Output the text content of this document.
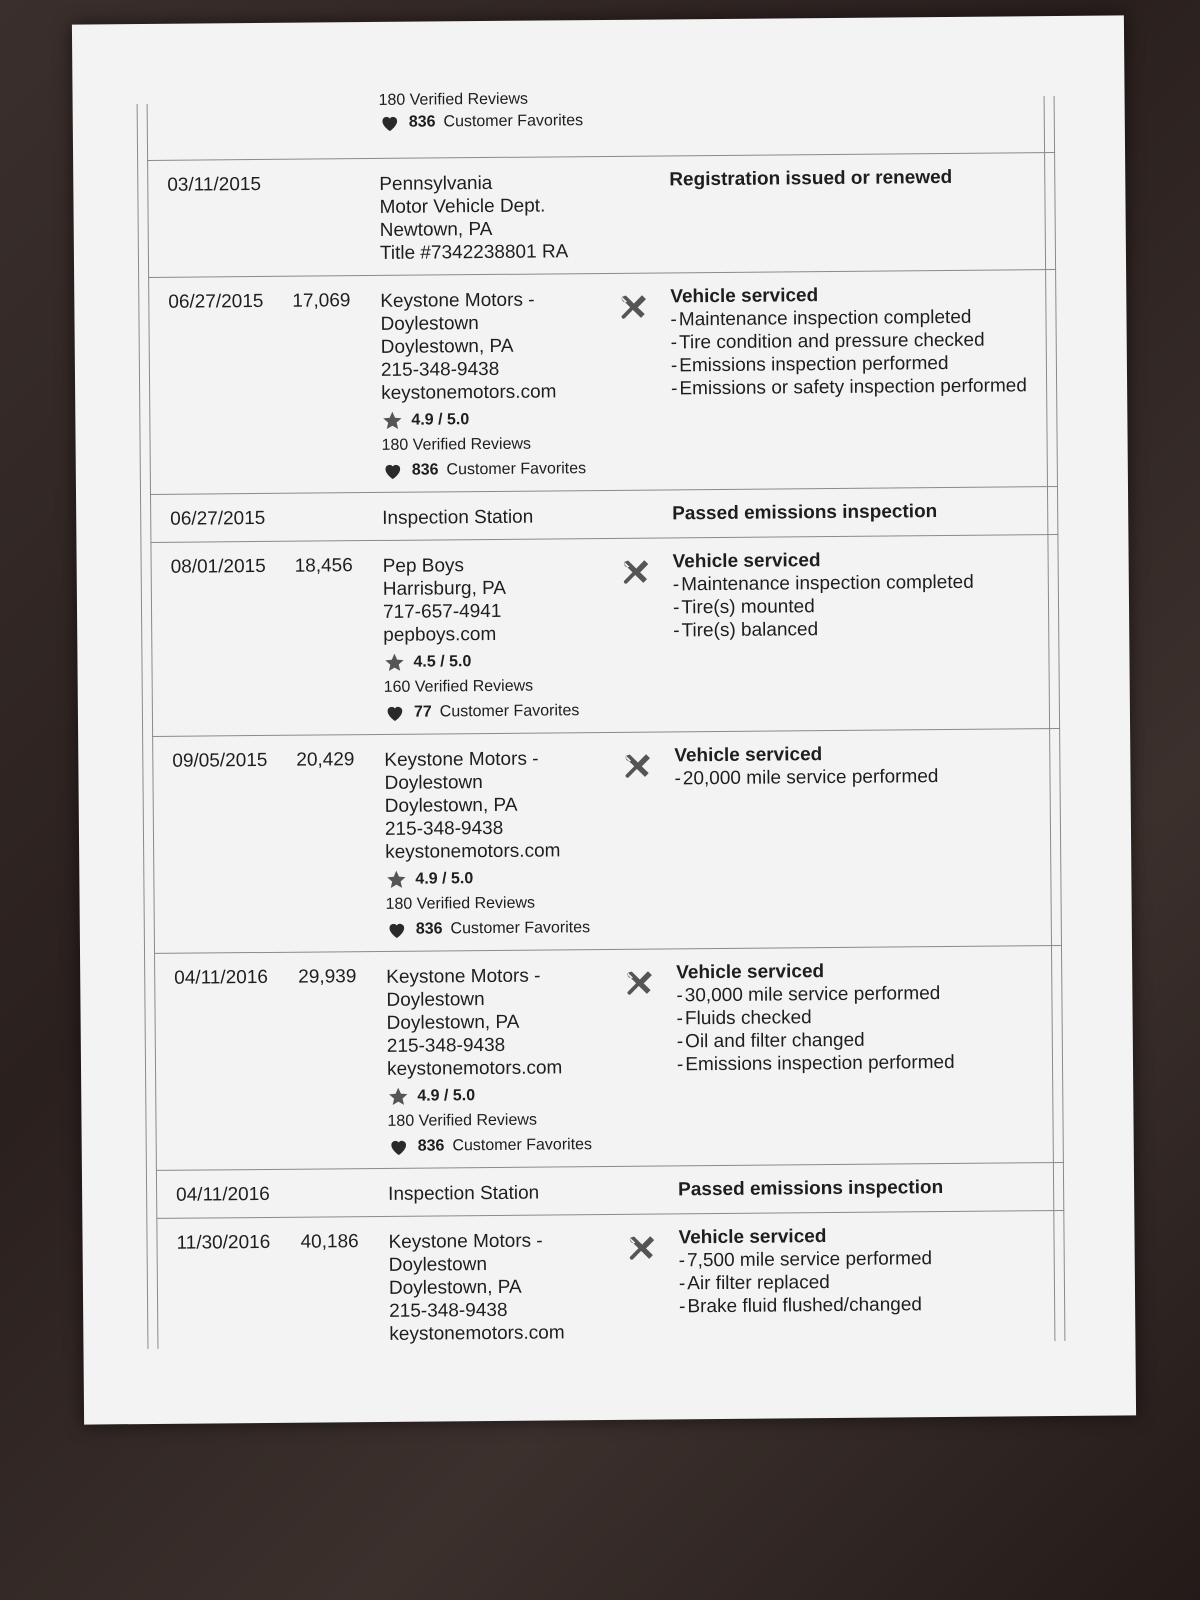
180 Verified Reviews
836 Customer Favorites
03/11/2015	Pennsylvania
Motor Vehicle Dept.
Newtown, PA
Title #7342238801 RA
Registration issued or renewed
06/27/2015 17,069 Keystone Motors -
Doylestown
Doylestown, PA
215-348-9438
keystonemotors.com
4.9 / 5.0
180 Verified Reviews
836 Customer Favorites
Vehicle serviced
- Maintenance inspection completed
- Tire condition and pressure checked
- Emissions inspection performed
- Emissions or safety inspection performed
06/27/2015	Inspection Station	Passed emissions inspection
08/01/2015 18,456 Pep Boys
Harrisburg, PA
717-657-4941
pepboys.com
4.5 / 5.0
160 Verified Reviews
77 Customer Favorites
Vehicle serviced
- Maintenance inspection completed
- Tire(s) mounted
- Tire(s) balanced
09/05/2015 20,429 Keystone Motors -
Doylestown
Doylestown, PA
215-348-9438
keystonemotors.com
4.9 / 5.0
180 Verified Reviews
836 Customer Favorites
Vehicle serviced
- 20,000 mile service performed
04/11/2016 29,939 Keystone Motors -
Doylestown
Doylestown, PA
215-348-9438
keystonemotors.com
4.9 / 5.0
180 Verified Reviews
836 Customer Favorites
Vehicle serviced
- 30,000 mile service performed
- Fluids checked
- Oil and filter changed
- Emissions inspection performed
04/11/2016	Inspection Station	Passed emissions inspection
11/30/2016 40,186 Keystone Motors -
Doylestown
Doylestown, PA
215-348-9438
keystonemotors.com
Vehicle serviced
- 7,500 mile service performed
- Air filter replaced
- Brake fluid flushed/changed
